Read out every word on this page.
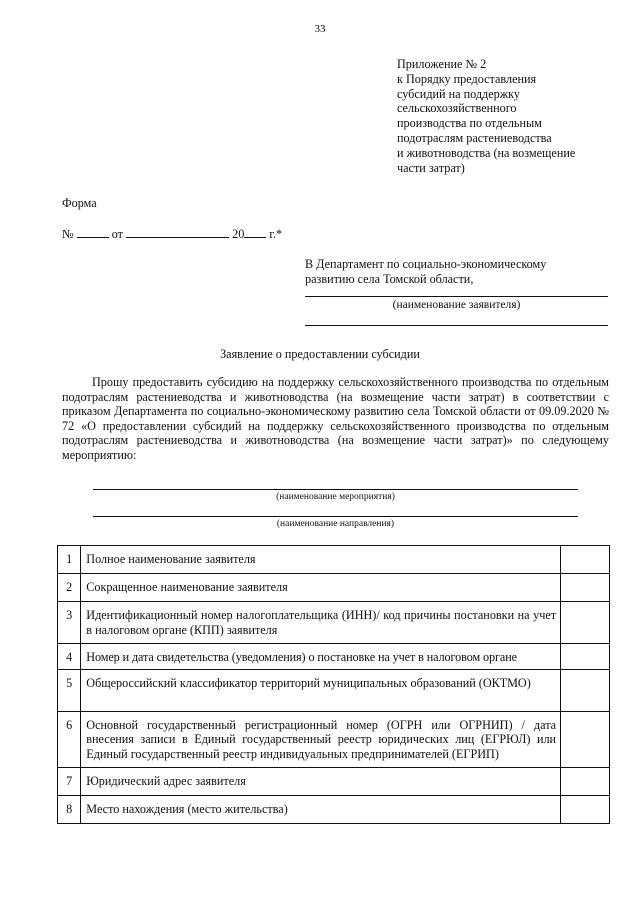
33
Приложение № 2
к Порядку предоставления
субсидий на поддержку
сельскохозяйственного
производства по отдельным
подотраслям растениеводства
и животноводства (на возмещение
части затрат)
Форма
№	от	20 г.*
В Департамент по социально-экономическому
развитию села Томской области,
(наименование заявителя)
Заявление о предоставлении субсидии
Прошу предоставить субсидию на поддержку сельскохозяйственного производства по отдельным подотраслям растениеводства и животноводства (на возмещение части затрат) в соответствии с приказом Департамента по социально-экономическому развитию села Томской области от 09.09.2020 № 72 «О предоставлении субсидий на поддержку сельскохозяйственного производства по отдельным подотраслям растениеводства и животноводства (на возмещение части затрат)» по следующему мероприятию:
(наименование мероприятия)
(наименование направления)
1	Полное наименование заявителя	
2	Сокращенное наименование заявителя	
3	Идентификационный номер налогоплательщика (ИНН)/ код причины постановки на учет в налоговом органе (КПП) заявителя	
4	Номер и дата свидетельства (уведомления) о постановке на учет в налоговом органе	
5	Общероссийский классификатор территорий муниципальных образований (ОКТМО)	
6	Основной государственный регистрационный номер (ОГРН или ОГРНИП) / дата внесения записи в Единый государственный реестр юридических лиц (ЕГРЮЛ) или Единый государственный реестр индивидуальных предпринимателей (ЕГРИП)	
7	Юридический адрес заявителя	
8	Место нахождения (место жительства)	
